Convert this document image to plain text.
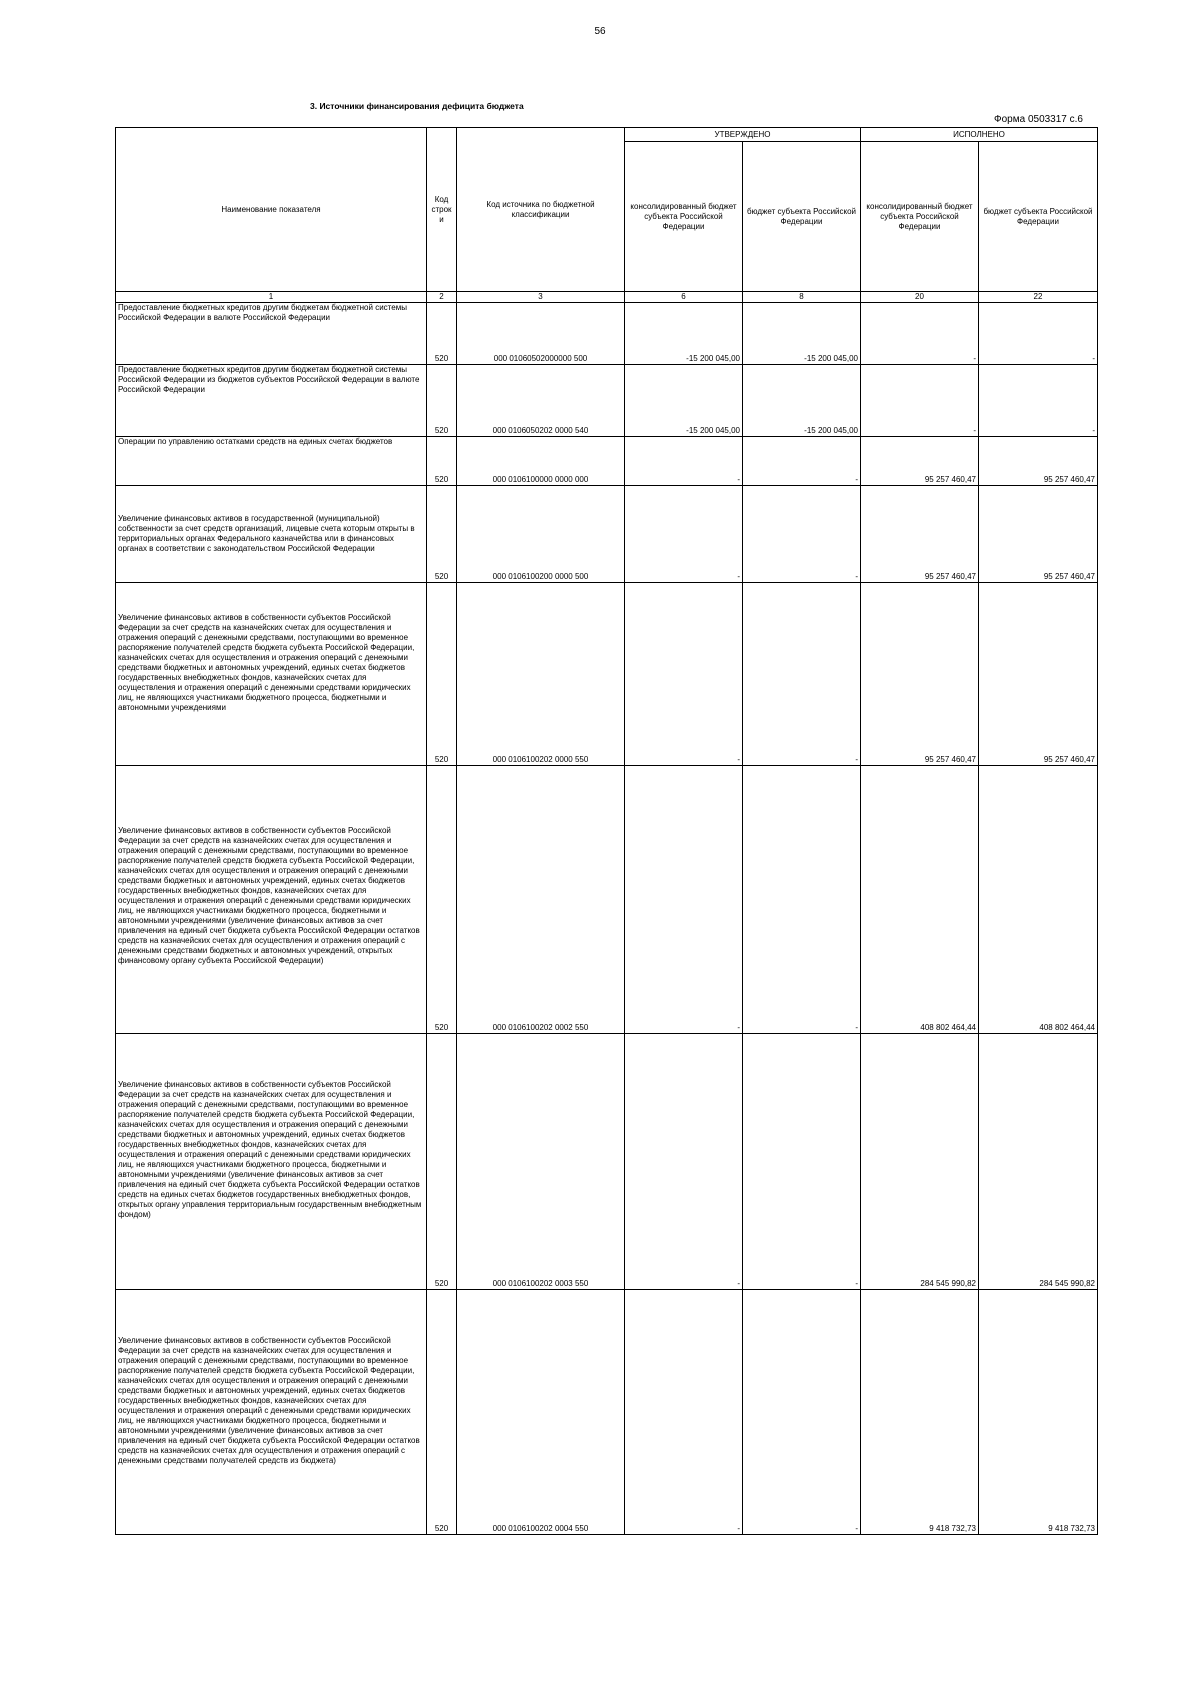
56
3. Источники финансирования дефицита бюджета
Форма 0503317 с.6
Наименование показателя	Код строк и	Код источника по бюджетной классификации	УТВЕРЖДЕНО		ИСПОЛНЕНО	
			консолидированный бюджет субъекта Российской Федерации	бюджет субъекта Российской Федерации	консолидированный бюджет субъекта Российской Федерации	бюджет субъекта Российской Федерации
1	2	3	6	8	20	22
Предоставление бюджетных кредитов другим бюджетам бюджетной системы Российской Федерации в валюте Российской Федерации	520	000 01060502000000 500	-15 200 045,00	-15 200 045,00	-	-
Предоставление бюджетных кредитов другим бюджетам бюджетной системы Российской Федерации из бюджетов субъектов Российской Федерации в валюте Российской Федерации	520	000 0106050202 0000 540	-15 200 045,00	-15 200 045,00	-	-
Операции по управлению остатками средств на единых счетах бюджетов	520	000 0106100000 0000 000	-	-	95 257 460,47	95 257 460,47
Увеличение финансовых активов в государственной (муниципальной) собственности за счет средств организаций, лицевые счета которым открыты в территориальных органах Федерального казначейства или в финансовых органах в соответствии с законодательством Российской Федерации	520	000 0106100200 0000 500	-	-	95 257 460,47	95 257 460,47
Увеличение финансовых активов в собственности субъектов Российской Федерации за счет средств на казначейских счетах для осуществления и отражения операций с денежными средствами, поступающими во временное распоряжение получателей средств бюджета субъекта Российской Федерации, казначейских счетах для осуществления и отражения операций с денежными средствами бюджетных и автономных учреждений, единых счетах бюджетов государственных внебюджетных фондов, казначейских счетах для осуществления и отражения операций с денежными средствами юридических лиц, не являющихся участниками бюджетного процесса, бюджетными и автономными учреждениями	520	000 0106100202 0000 550	-	-	95 257 460,47	95 257 460,47
Увеличение финансовых активов в собственности субъектов Российской Федерации за счет средств на казначейских счетах для осуществления и отражения операций с денежными средствами, поступающими во временное распоряжение получателей средств бюджета субъекта Российской Федерации, казначейских счетах для осуществления и отражения операций с денежными средствами бюджетных и автономных учреждений, единых счетах бюджетов государственных внебюджетных фондов, казначейских счетах для осуществления и отражения операций с денежными средствами юридических лиц, не являющихся участниками бюджетного процесса, бюджетными и автономными учреждениями (увеличение финансовых активов за счет привлечения на единый счет бюджета субъекта Российской Федерации остатков средств на казначейских счетах для осуществления и отражения операций с денежными средствами бюджетных и автономных учреждений, открытых финансовому органу субъекта Российской Федерации)	520	000 0106100202 0002 550	-	-	408 802 464,44	408 802 464,44
Увеличение финансовых активов в собственности субъектов Российской Федерации за счет средств на казначейских счетах для осуществления и отражения операций с денежными средствами, поступающими во временное распоряжение получателей средств бюджета субъекта Российской Федерации, казначейских счетах для осуществления и отражения операций с денежными средствами бюджетных и автономных учреждений, единых счетах бюджетов государственных внебюджетных фондов, казначейских счетах для осуществления и отражения операций с денежными средствами юридических лиц, не являющихся участниками бюджетного процесса, бюджетными и автономными учреждениями (увеличение финансовых активов за счет привлечения на единый счет бюджета субъекта Российской Федерации остатков средств на единых счетах бюджетов государственных внебюджетных фондов, открытых органу управления территориальным государственным внебюджетным фондом)	520	000 0106100202 0003 550	-	-	284 545 990,82	284 545 990,82
Увеличение финансовых активов в собственности субъектов Российской Федерации за счет средств на казначейских счетах для осуществления и отражения операций с денежными средствами, поступающими во временное распоряжение получателей средств бюджета субъекта Российской Федерации, казначейских счетах для осуществления и отражения операций с денежными средствами бюджетных и автономных учреждений, единых счетах бюджетов государственных внебюджетных фондов, казначейских счетах для осуществления и отражения операций с денежными средствами юридических лиц, не являющихся участниками бюджетного процесса, бюджетными и автономными учреждениями (увеличение финансовых активов за счет привлечения на единый счет бюджета субъекта Российской Федерации остатков средств на казначейских счетах для осуществления и отражения операций с денежными средствами получателей средств из бюджета)	520	000 0106100202 0004 550	-	-	9 418 732,73	9 418 732,73
